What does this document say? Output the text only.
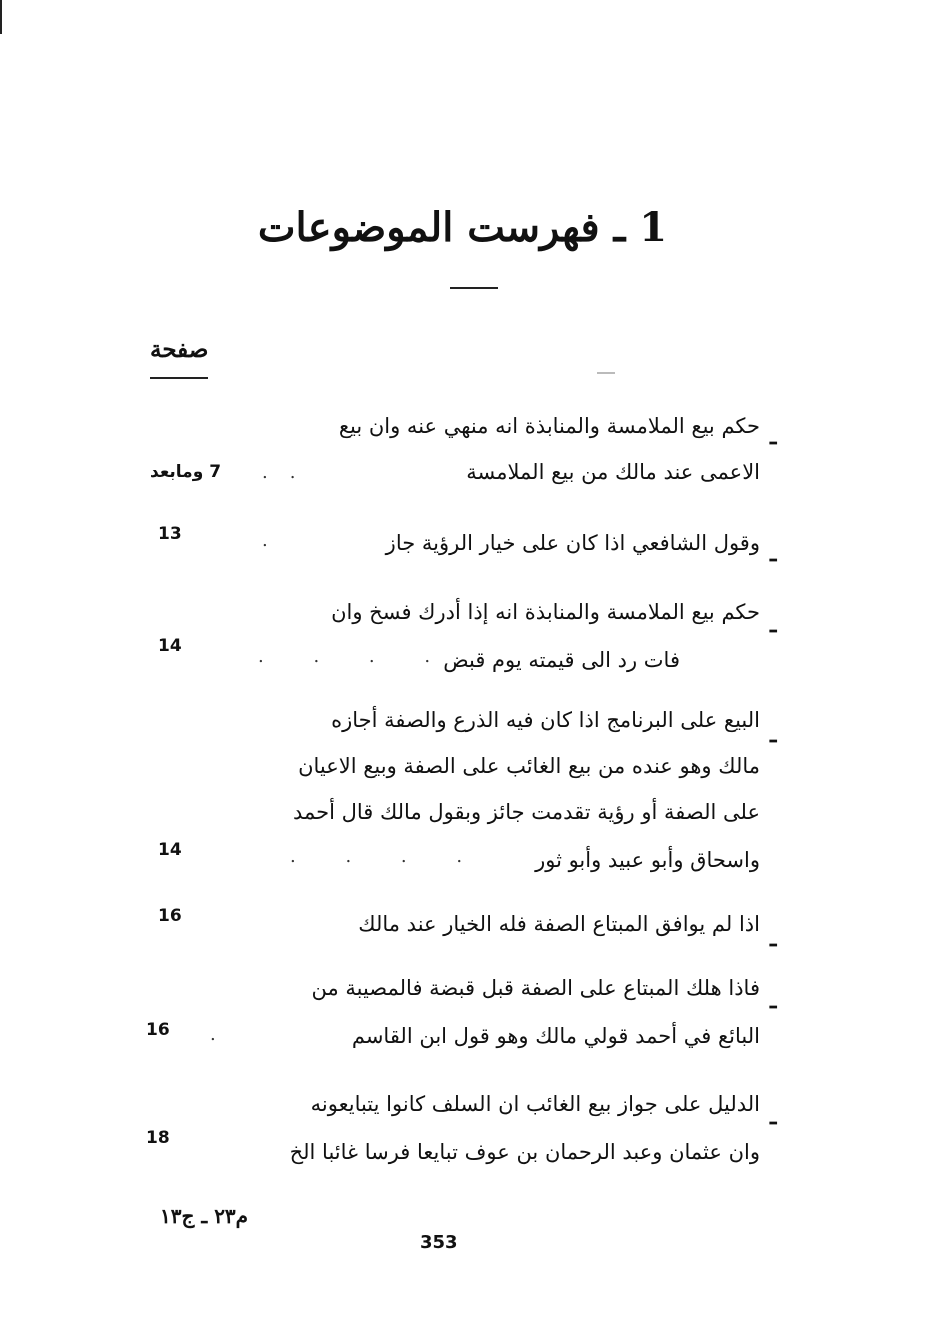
1 ـ فهرست الموضوعات
صفحة
ـ
حكم بيع الملامسة والمنابذة انه منهي عنه وان بيع
الاعمى عند مالك من بيع الملامسة
..
7 ومابعد
ـ
وقول الشافعي اذا كان على خيار الرؤية جاز
.
13
ـ
حكم بيع الملامسة والمنابذة انه إذا أدرك فسخ وان
فات رد الى قيمته يوم قبض
. . . . .
14
ـ
البيع على البرنامج اذا كان فيه الذرع والصفة أجازه
مالك وهو عنده من بيع الغائب على الصفة وبيع الاعيان
على الصفة أو رؤية تقدمت جائز وبقول مالك قال أحمد
واسحاق وأبو عبيد وأبو ثور
. . . .
14
ـ
اذا لم يوافق المبتاع الصفة فله الخيار عند مالك
16
ـ
فاذا هلك المبتاع على الصفة قبل قبضة فالمصيبة من
البائع في أحمد قولي مالك وهو قول ابن القاسم
.
16
ـ
الدليل على جواز بيع الغائب ان السلف كانوا يتبايعونه
وان عثمان وعبد الرحمان بن عوف تبايعا فرسا غائبا الخ
18
م٢٣ ـ ج١٣
353
